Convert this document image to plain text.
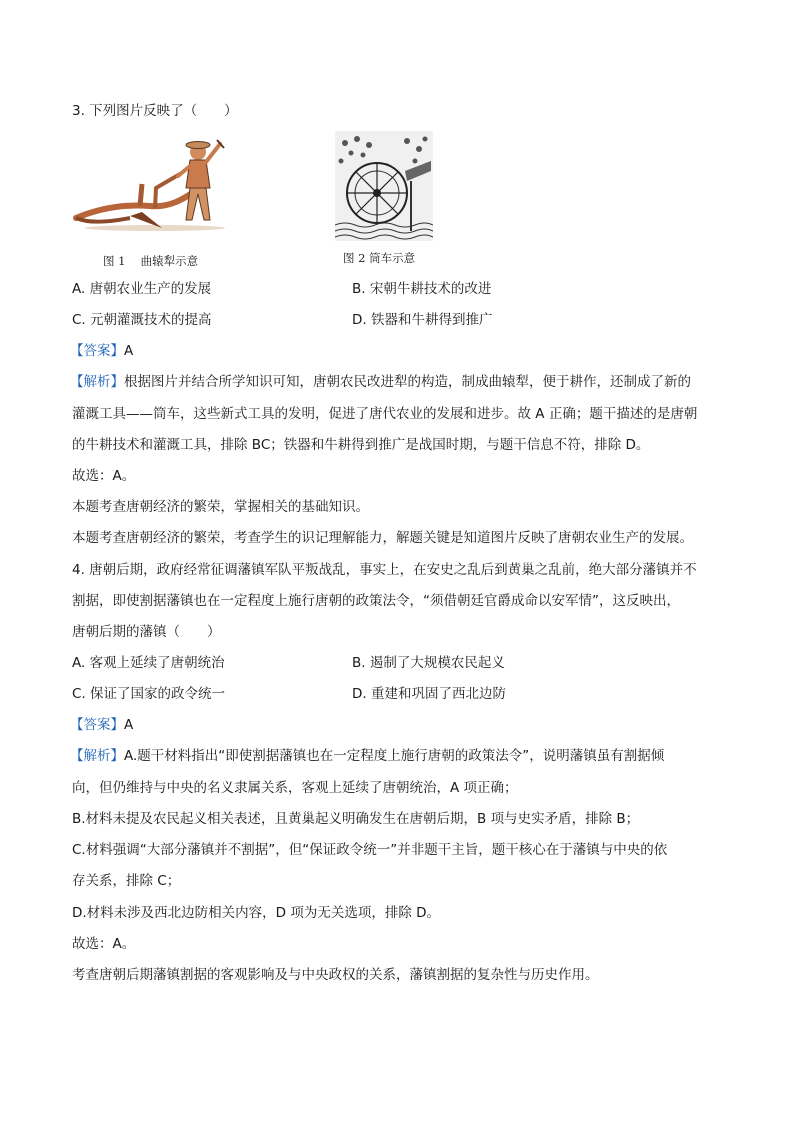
3. 下列图片反映了（　　）
图 1　 曲辕犁示意	图 2 筒车示意
A. 唐朝农业生产的发展	B. 宋朝牛耕技术的改进
C. 元朝灌溉技术的提高	D. 铁器和牛耕得到推广
【答案】A
【解析】根据图片并结合所学知识可知，唐朝农民改进犁的构造，制成曲辕犁，便于耕作，还制成了新的
灌溉工具——筒车，这些新式工具的发明，促进了唐代农业的发展和进步。故 A 正确；题干描述的是唐朝
的牛耕技术和灌溉工具，排除 BC；铁器和牛耕得到推广是战国时期，与题干信息不符，排除 D。
故选：A。
本题考查唐朝经济的繁荣，掌握相关的基础知识。
本题考查唐朝经济的繁荣，考查学生的识记理解能力，解题关键是知道图片反映了唐朝农业生产的发展。
4. 唐朝后期，政府经常征调藩镇军队平叛战乱，事实上，在安史之乱后到黄巢之乱前，绝大部分藩镇并不
割据，即使割据藩镇也在一定程度上施行唐朝的政策法令，“须借朝廷官爵成命以安军情”，这反映出，
唐朝后期的藩镇（　　）
A. 客观上延续了唐朝统治	B. 遏制了大规模农民起义
C. 保证了国家的政令统一	D. 重建和巩固了西北边防
【答案】A
【解析】A.题干材料指出“即使割据藩镇也在一定程度上施行唐朝的政策法令”，说明藩镇虽有割据倾
向，但仍维持与中央的名义隶属关系，客观上延续了唐朝统治，A 项正确；
B.材料未提及农民起义相关表述，且黄巢起义明确发生在唐朝后期，B 项与史实矛盾，排除 B；
C.材料强调“大部分藩镇并不割据”，但“保证政令统一”并非题干主旨，题干核心在于藩镇与中央的依
存关系，排除 C；
D.材料未涉及西北边防相关内容，D 项为无关选项，排除 D。
故选：A。
考查唐朝后期藩镇割据的客观影响及与中央政权的关系，藩镇割据的复杂性与历史作用。
